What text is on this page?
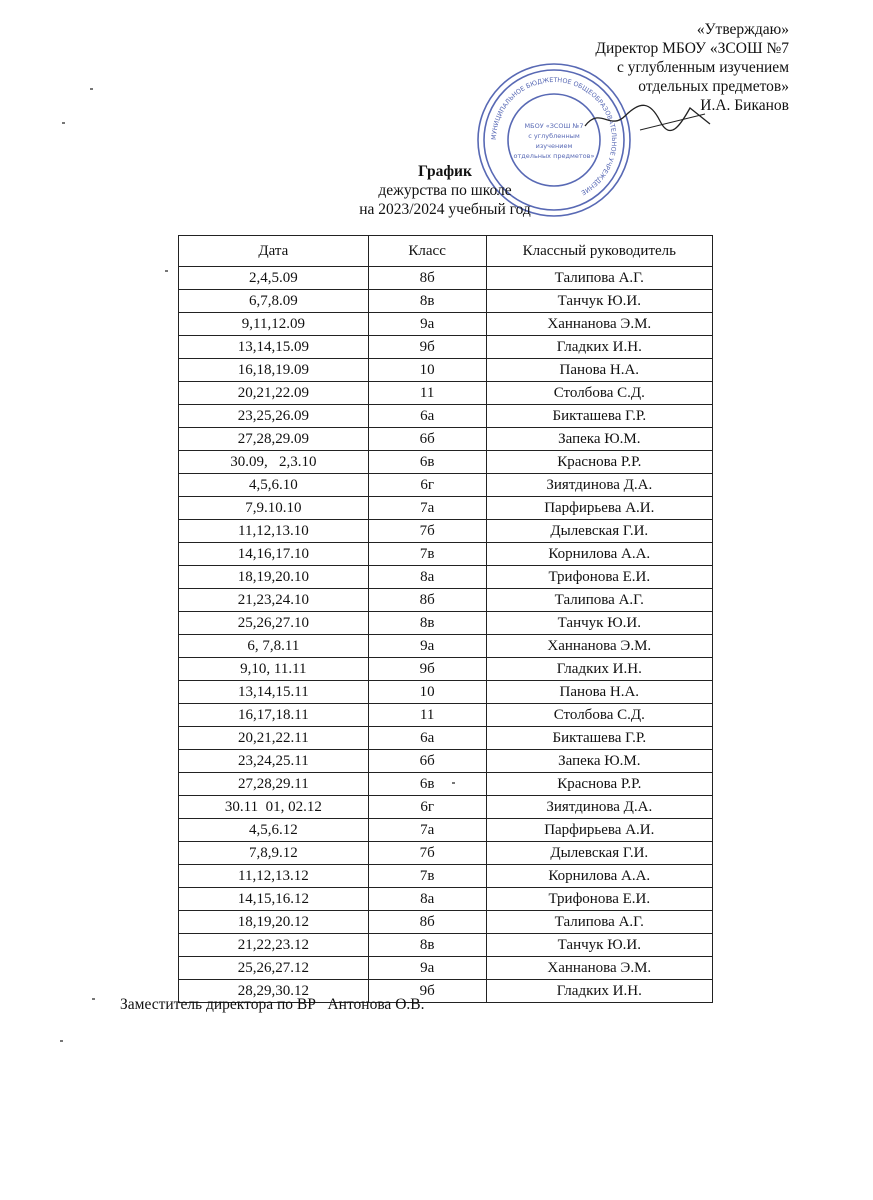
«Утверждаю»
Директор МБОУ «ЗСОШ №7
с углубленным изучением
отдельных предметов»
И.А. Биканов
МУНИЦИПАЛЬНОЕ БЮДЖЕТНОЕ ОБЩЕОБРАЗОВАТЕЛЬНОЕ УЧРЕЖДЕНИЕ
МБОУ «ЗСОШ №7
с углубленным
изучением
отдельных предметов»
График
дежурства по школе
на 2023/2024 учебный год
Дата	Класс	Классный руководитель
2,4,5.09	8б	Талипова А.Г.
6,7,8.09	8в	Танчук Ю.И.
9,11,12.09	9а	Ханнанова Э.М.
13,14,15.09	9б	Гладких И.Н.
16,18,19.09	10	Панова Н.А.
20,21,22.09	11	Столбова С.Д.
23,25,26.09	6а	Бикташева Г.Р.
27,28,29.09	6б	Запека Ю.М.
30.09,   2,3.10	6в	Краснова Р.Р.
4,5,6.10	6г	Зиятдинова Д.А.
7,9.10.10	7а	Парфирьева А.И.
11,12,13.10	7б	Дылевская Г.И.
14,16,17.10	7в	Корнилова А.А.
18,19,20.10	8а	Трифонова Е.И.
21,23,24.10	8б	Талипова А.Г.
25,26,27.10	8в	Танчук Ю.И.
6, 7,8.11	9а	Ханнанова Э.М.
9,10, 11.11	9б	Гладких И.Н.
13,14,15.11	10	Панова Н.А.
16,17,18.11	11	Столбова С.Д.
20,21,22.11	6а	Бикташева Г.Р.
23,24,25.11	6б	Запека Ю.М.
27,28,29.11	6в	Краснова Р.Р.
30.11  01, 02.12	6г	Зиятдинова Д.А.
4,5,6.12	7а	Парфирьева А.И.
7,8,9.12	7б	Дылевская Г.И.
11,12,13.12	7в	Корнилова А.А.
14,15,16.12	8а	Трифонова Е.И.
18,19,20.12	8б	Талипова А.Г.
21,22,23.12	8в	Танчук Ю.И.
25,26,27.12	9а	Ханнанова Э.М.
28,29,30.12	9б	Гладких И.Н.
Заместитель директора по ВР Антонова О.В.
